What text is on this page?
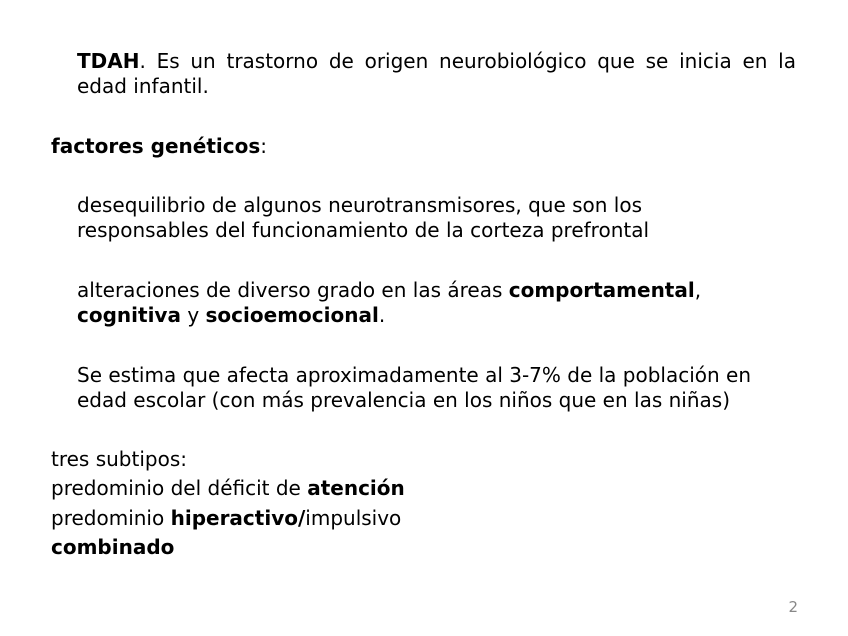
TDAH. Es un trastorno de origen neurobiológico que se inicia en la edad infantil.

factores genéticos:

desequilibrio de algunos neurotransmisores, que son los responsables del funcionamiento de la corteza prefrontal

alteraciones de diverso grado en las áreas comportamental, cognitiva y socioemocional.

Se estima que afecta aproximadamente al 3-7% de la población en edad escolar (con más prevalencia en los niños que en las niñas)

tres subtipos:

predominio del déficit de atención

predominio hiperactivo/impulsivo

combinado

2
